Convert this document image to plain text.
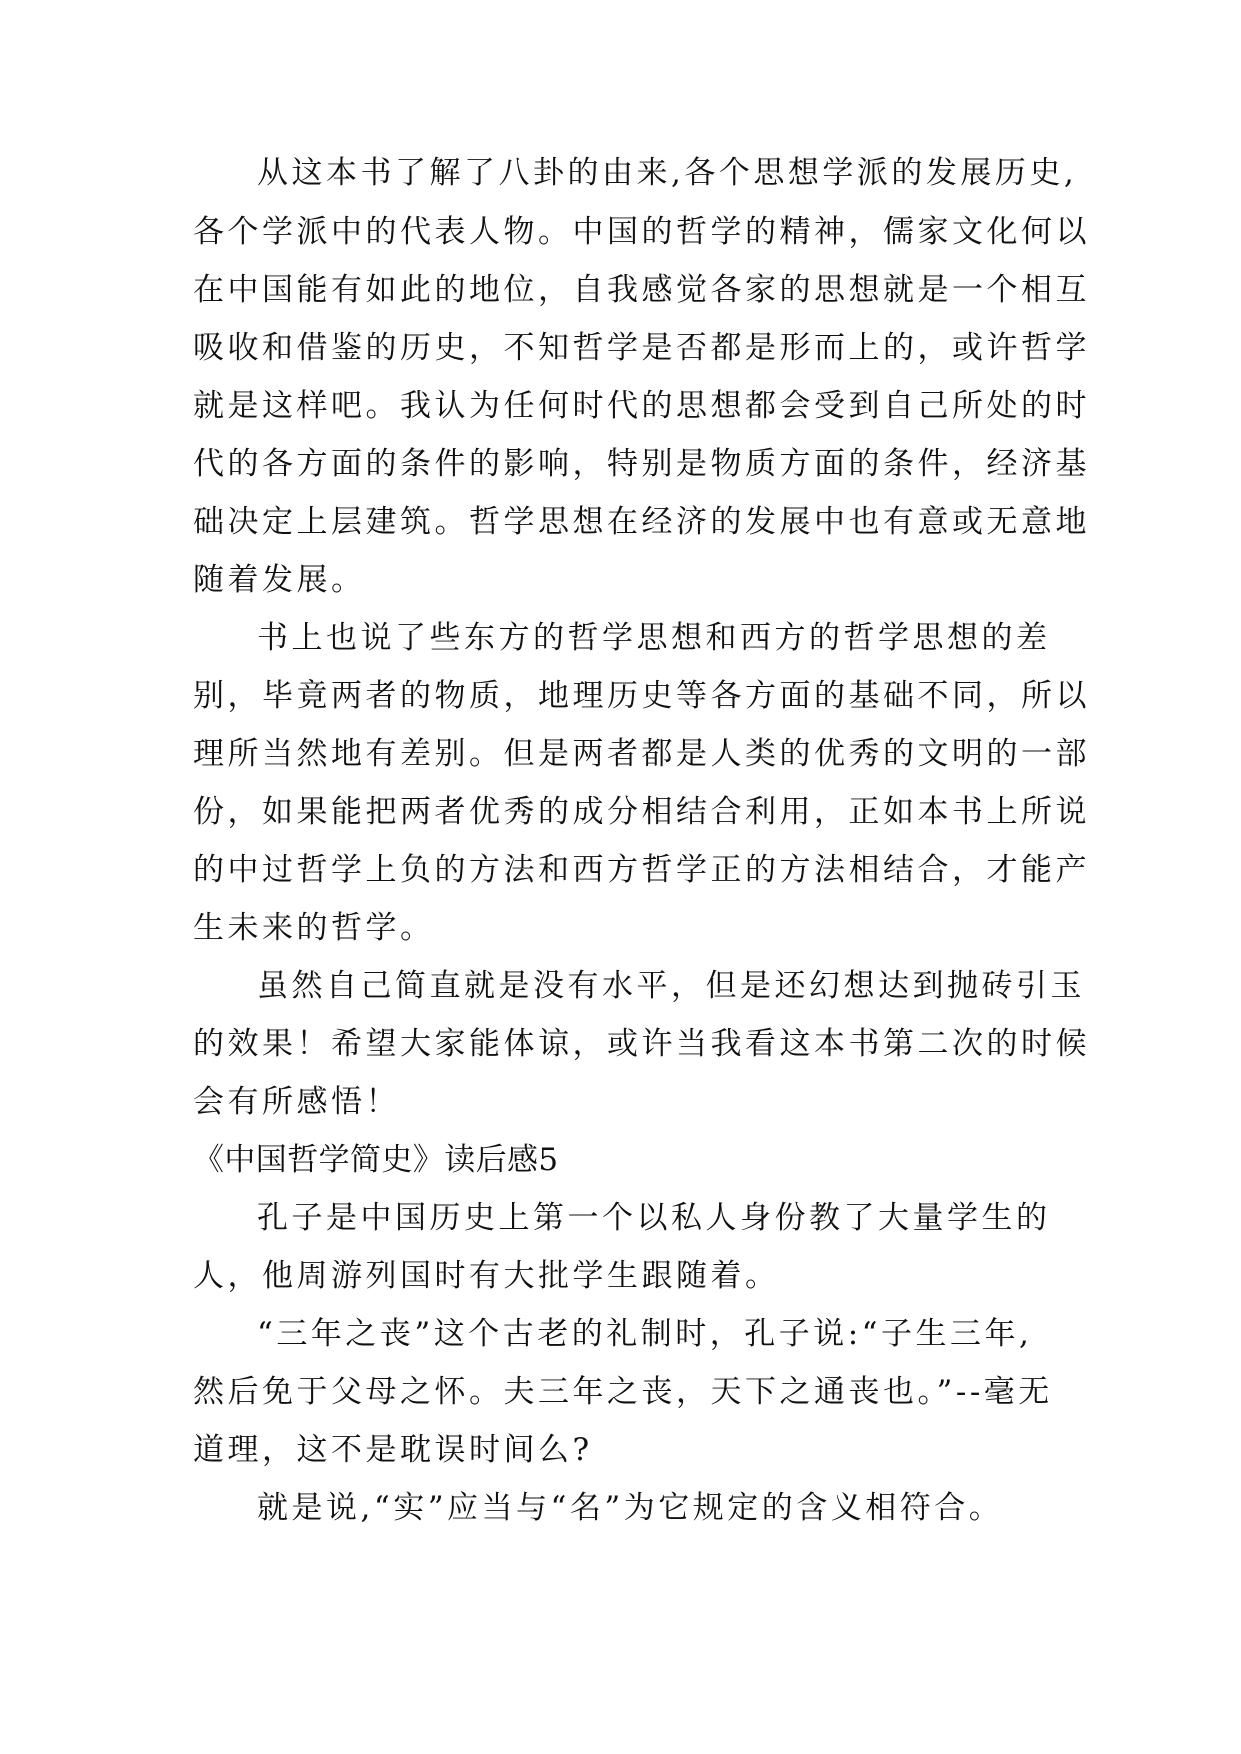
从这本书了解了八卦的由来,各个思想学派的发展历史,
各个学派中的代表人物。中国的哲学的精神，儒家文化何以
在中国能有如此的地位，自我感觉各家的思想就是一个相互
吸收和借鉴的历史，不知哲学是否都是形而上的，或许哲学
就是这样吧。我认为任何时代的思想都会受到自己所处的时
代的各方面的条件的影响，特别是物质方面的条件，经济基
础决定上层建筑。哲学思想在经济的发展中也有意或无意地
随着发展。
书上也说了些东方的哲学思想和西方的哲学思想的差
别，毕竟两者的物质，地理历史等各方面的基础不同，所以
理所当然地有差别。但是两者都是人类的优秀的文明的一部
份，如果能把两者优秀的成分相结合利用，正如本书上所说
的中过哲学上负的方法和西方哲学正的方法相结合，才能产
生未来的哲学。
虽然自己简直就是没有水平，但是还幻想达到抛砖引玉
的效果！希望大家能体谅，或许当我看这本书第二次的时候
会有所感悟！
《中国哲学简史》读后感5
孔子是中国历史上第一个以私人身份教了大量学生的
人，他周游列国时有大批学生跟随着。
“三年之丧”这个古老的礼制时，孔子说:“子生三年,
然后免于父母之怀。夫三年之丧，天下之通丧也。”--毫无
道理，这不是耽误时间么?
就是说,“实”应当与“名”为它规定的含义相符合。
